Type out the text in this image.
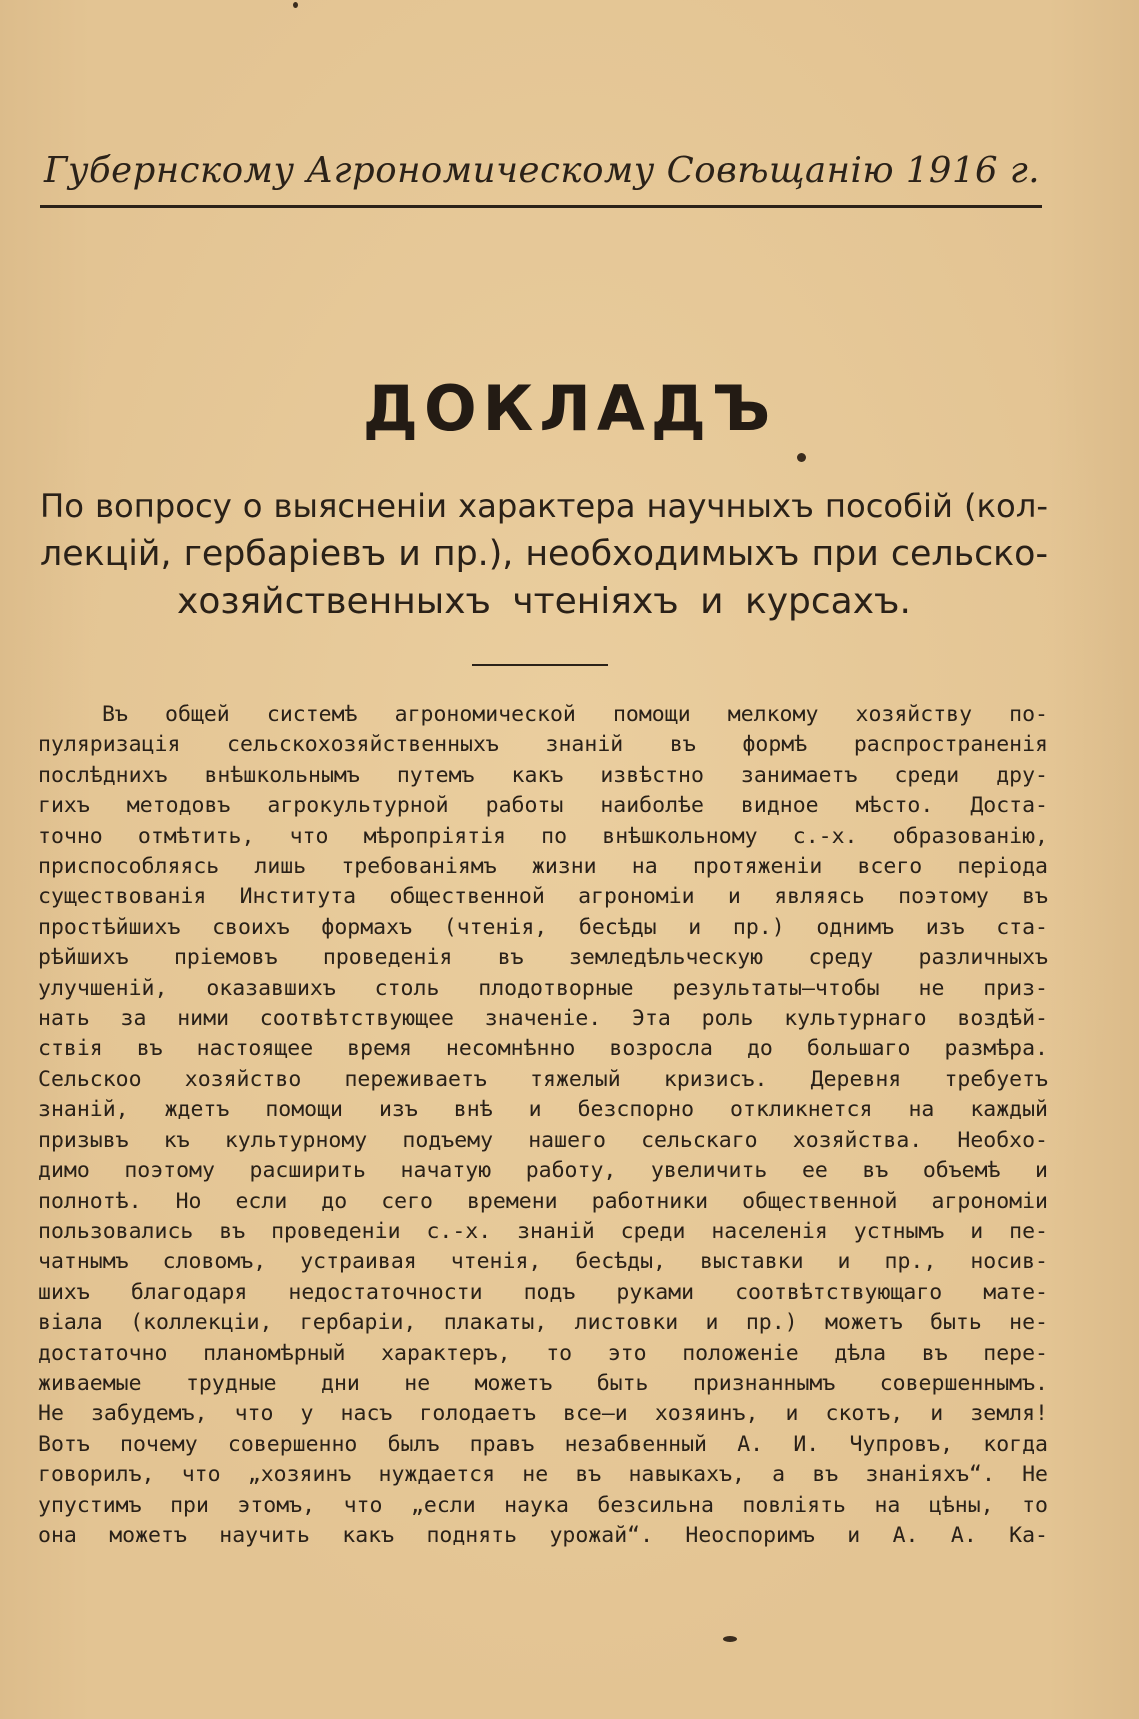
Губернскому Агрономическому Совѣщанію 1916 г.
ДОКЛАДЪ
По вопросу о выясненіи характера научныхъ пособій (кол-
лекцій, гербаріевъ и пр.), необходимыхъ при сельско-
хозяйственныхъ чтеніяхъ и курсахъ.
Въ общей системѣ агрономической помощи мелкому хозяйству по-
пуляризація сельскохозяйственныхъ знаній въ формѣ распространенія
послѣднихъ внѣшкольнымъ путемъ какъ извѣстно занимаетъ среди дру-
гихъ методовъ агрокультурной работы наиболѣе видное мѣсто. Доста-
точно отмѣтить, что мѣропріятія по внѣшкольному с.-х. образованію,
приспособляясь лишь требованіямъ жизни на протяженіи всего періода
существованія Института общественной агрономіи и являясь поэтому въ
простѣйшихъ своихъ формахъ (чтенія, бесѣды и пр.) однимъ изъ ста-
рѣйшихъ пріемовъ проведенія въ земледѣльческую среду различныхъ
улучшеній, оказавшихъ столь плодотворные результаты—чтобы не приз-
нать за ними соотвѣтствующее значеніе. Эта роль культурнаго воздѣй-
ствія въ настоящее время несомнѣнно возросла до большаго размѣра.
Сельскоо хозяйство переживаетъ тяжелый кризисъ. Деревня требуетъ
знаній, ждетъ помощи изъ внѣ и безспорно откликнется на каждый
призывъ къ культурному подъему нашего сельскаго хозяйства. Необхо-
димо поэтому расширить начатую работу, увеличить ее въ объемѣ и
полнотѣ. Но если до сего времени работники общественной агрономіи
пользовались въ проведеніи с.-х. знаній среди населенія устнымъ и пе-
чатнымъ словомъ, устраивая чтенія, бесѣды, выставки и пр., носив-
шихъ благодаря недостаточности подъ руками соотвѣтствующаго мате-
віала (коллекціи, гербаріи, плакаты, листовки и пр.) можетъ быть не-
достаточно планомѣрный характеръ, то это положеніе дѣла въ пере-
живаемые трудные дни не можетъ быть признаннымъ совершеннымъ.
Не забудемъ, что у насъ голодаетъ все—и хозяинъ, и скотъ, и земля!
Вотъ почему совершенно былъ правъ незабвенный А. И. Чупровъ, когда
говорилъ, что „хозяинъ нуждается не въ навыкахъ, а въ знаніяхъ“. Не
упустимъ при этомъ, что „если наука безсильна повліять на цѣны, то
она можетъ научить какъ поднять урожай“. Неоспоримъ и А. А. Ка-
